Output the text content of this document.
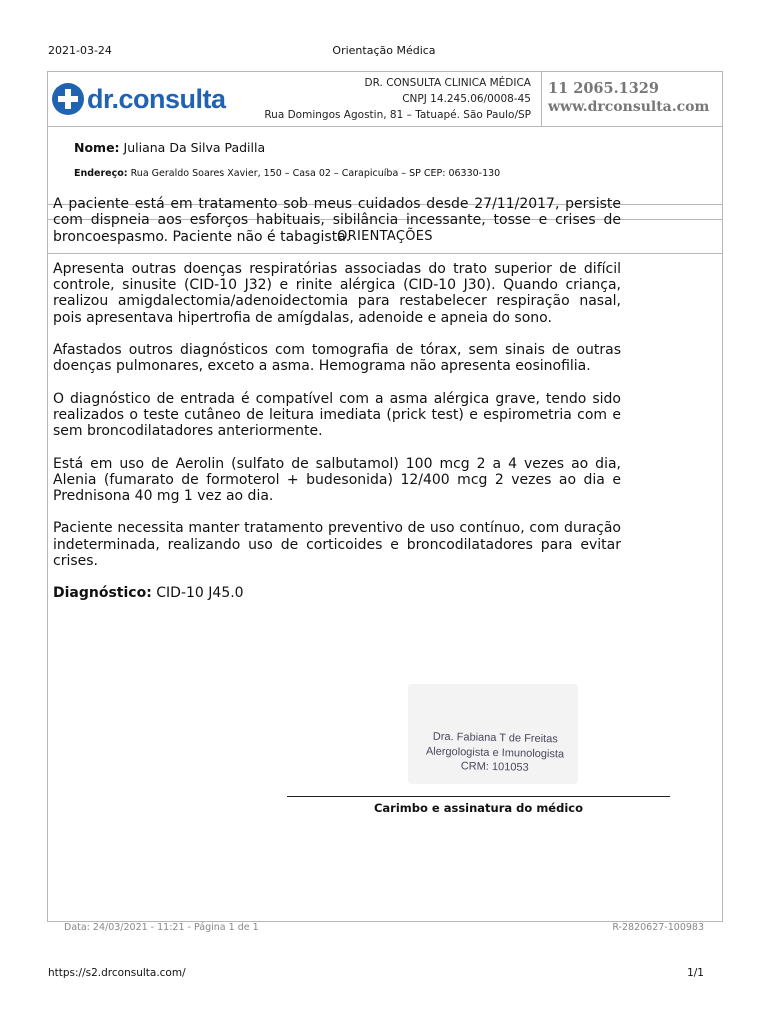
2021-03-24	Orientação Médica
dr.consulta
DR. CONSULTA CLINICA MÉDICA
CNPJ 14.245.06/0008-45
Rua Domingos Agostin, 81 – Tatuapé. São Paulo/SP
11 2065.1329
www.drconsulta.com
Nome: Juliana Da Silva Padilla
Endereço: Rua Geraldo Soares Xavier, 150 – Casa 02 – Carapicuíba – SP CEP: 06330-130
ORIENTAÇÕES

A paciente está em tratamento sob meus cuidados desde 27/11/2017, persiste com dispneia aos esforços habituais, sibilância incessante, tosse e crises de broncoespasmo. Paciente não é tabagista.

Apresenta outras doenças respiratórias associadas do trato superior de difícil controle, sinusite (CID-10 J32) e rinite alérgica (CID-10 J30). Quando criança, realizou amigdalectomia/adenoidectomia para restabelecer respiração nasal, pois apresentava hipertrofia de amígdalas, adenoide e apneia do sono.

Afastados outros diagnósticos com tomografia de tórax, sem sinais de outras doenças pulmonares, exceto a asma. Hemograma não apresenta eosinofilia.

O diagnóstico de entrada é compatível com a asma alérgica grave, tendo sido realizados o teste cutâneo de leitura imediata (prick test) e espirometria com e sem broncodilatadores anteriormente.

Está em uso de Aerolin (sulfato de salbutamol) 100 mcg 2 a 4 vezes ao dia, Alenia (fumarato de formoterol + budesonida) 12/400 mcg 2 vezes ao dia e Prednisona 40 mg 1 vez ao dia.

Paciente necessita manter tratamento preventivo de uso contínuo, com duração indeterminada, realizando uso de corticoides e broncodilatadores para evitar crises.

Diagnóstico: CID-10 J45.0
Dra. Fabiana T de Freitas
Alergologista e Imunologista
CRM: 101053
Carimbo e assinatura do médico
Data: 24/03/2021 - 11:21 - Página 1 de 1	R-2820627-100983
https://s2.drconsulta.com/	1/1
